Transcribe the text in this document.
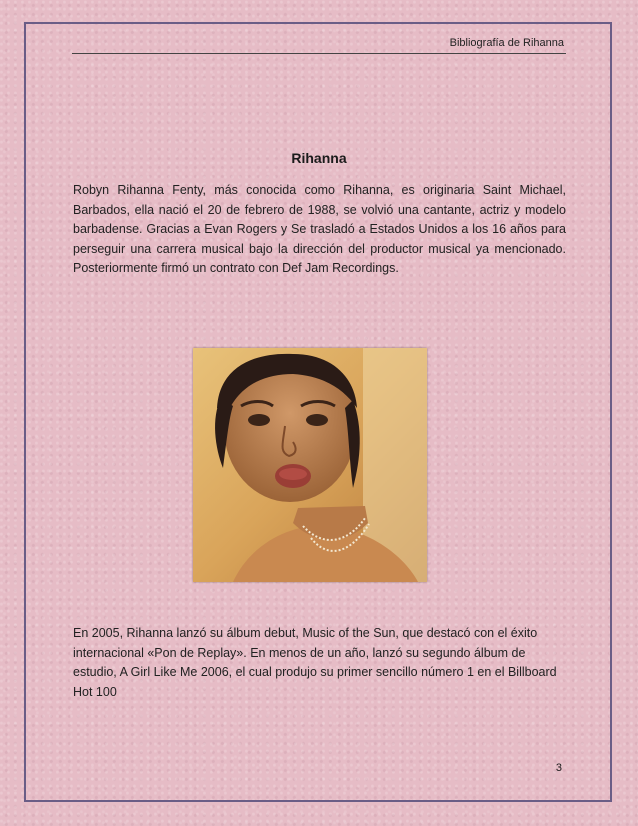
Bibliografía de Rihanna
Rihanna
Robyn Rihanna Fenty, más conocida como Rihanna, es originaria Saint Michael, Barbados, ella nació el 20 de febrero de 1988, se volvió una cantante, actriz y modelo barbadense. Gracias a Evan Rogers y Se trasladó a Estados Unidos a los 16 años para perseguir una carrera musical bajo la dirección del productor musical ya mencionado. Posteriormente firmó un contrato con Def Jam Recordings.
En 2005, Rihanna lanzó su álbum debut, Music of the Sun, que destacó con el éxito internacional «Pon de Replay». En menos de un año, lanzó su segundo álbum de estudio, A Girl Like Me 2006, el cual produjo su primer sencillo número 1 en el Billboard Hot 100
3
